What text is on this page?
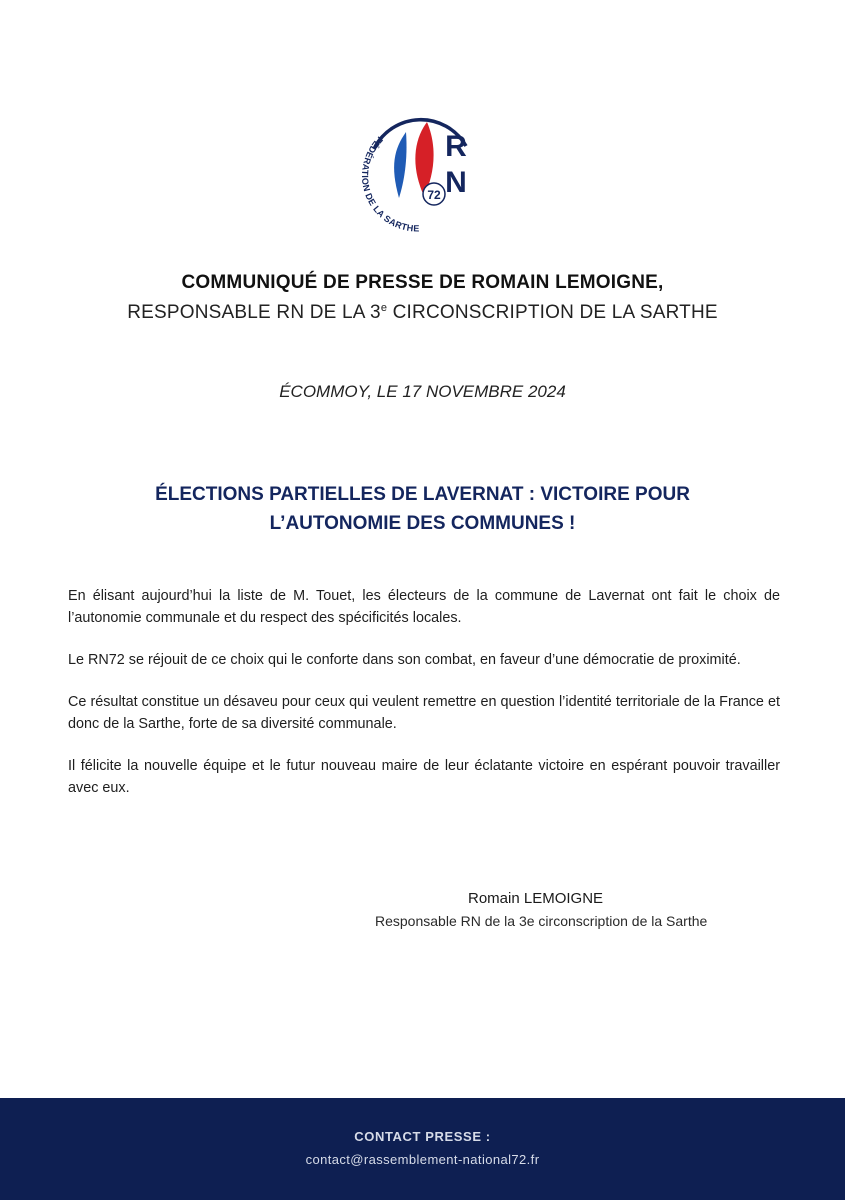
72
R
N
FÉDÉRATION DE LA SARTHE
COMMUNIQUÉ DE PRESSE DE ROMAIN LEMOIGNE,
RESPONSABLE RN DE LA 3e CIRCONSCRIPTION DE LA SARTHE
ÉCOMMOY, LE 17 NOVEMBRE 2024
ÉLECTIONS PARTIELLES DE LAVERNAT : VICTOIRE POUR
L’AUTONOMIE DES COMMUNES !

En élisant aujourd’hui la liste de M. Touet, les électeurs de la commune de Lavernat ont fait le choix de l’autonomie communale et du respect des spécificités locales.

Le RN72 se réjouit de ce choix qui le conforte dans son combat, en faveur d’une démocratie de proximité.

Ce résultat constitue un désaveu pour ceux qui veulent remettre en question l’identité territoriale de la France et donc de la Sarthe, forte de sa diversité communale.

Il félicite la nouvelle équipe et le futur nouveau maire de leur éclatante victoire en espérant pouvoir travailler avec eux.

Romain LEMOIGNE
Responsable RN de la 3e circonscription de la Sarthe
CONTACT PRESSE :
contact@rassemblement-national72.fr
